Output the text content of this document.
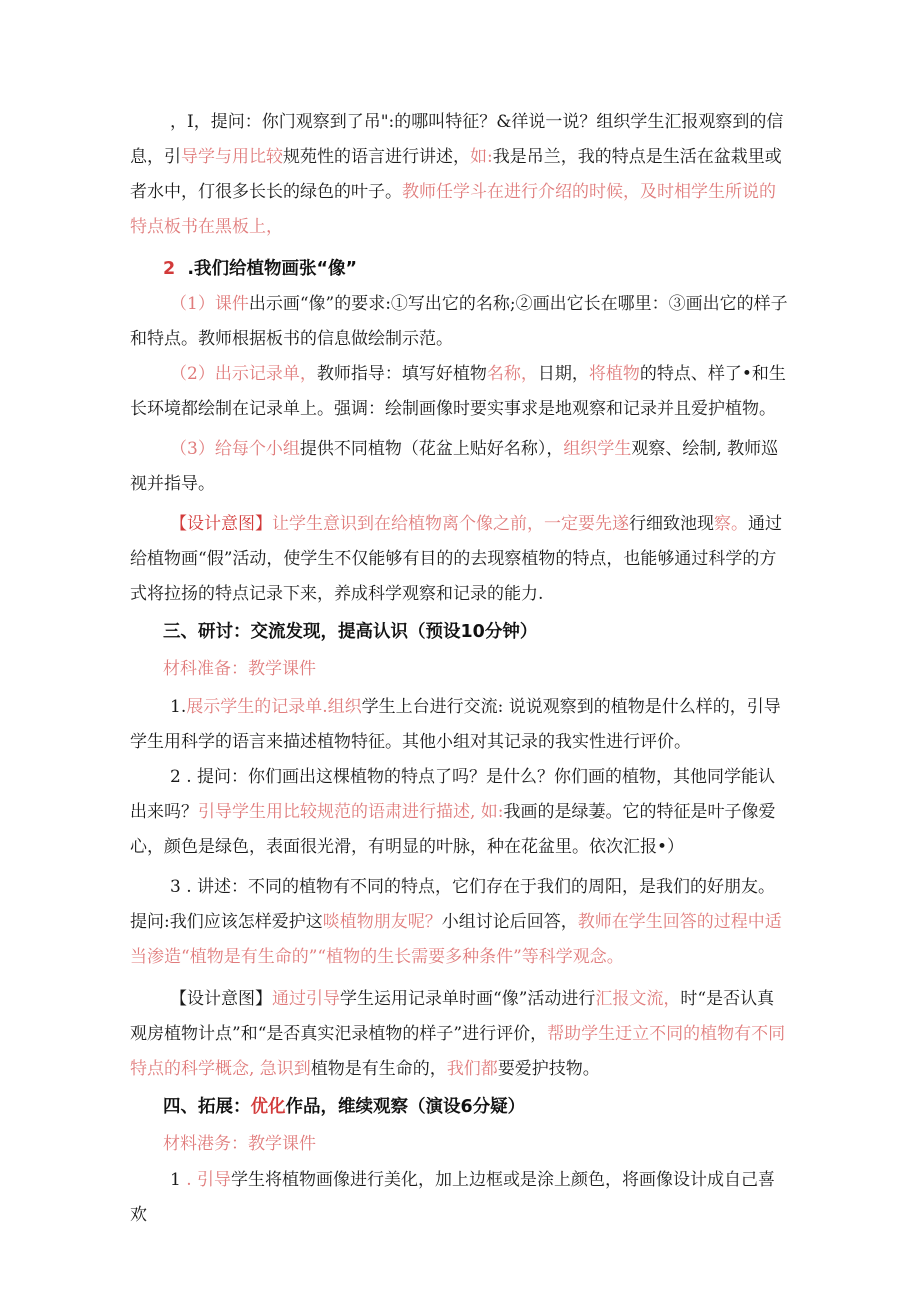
，I，提问：你门观察到了吊":的哪叫特征？&徉说一说？组织学生汇报观察到的信息，引导学与用比较规苑性的语言进行讲述，如:我是吊兰，我的特点是生活在盆栽里或者水中，仃很多长长的绿色的叶子。教师任学斗在进行介绍的时候，及时相学生所说的特点板书在黑板上，

2 .我们给植物画张“像”

（1）课件出示画“像”的要求:①写出它的名称;②画出它长在哪里：③画出它的样子和特点。教师根据板书的信息做绘制示范。

（2）出示记录单，教师指导：填写好植物名称，日期，将植物的特点、样了•和生长环境都绘制在记录单上。强调：绘制画像时要实事求是地观察和记录并且爱护植物。

（3）给每个小组提供不同植物（花盆上贴好名称），组织学生观察、绘制, 教师巡视并指导。

【设计意图】让学生意识到在给植物离个像之前，一定要先遂行细致池现察。通过给植物画“假”活动，使学生不仅能够有目的的去现察植物的特点，也能够通过科学的方式将拉扬的特点记录下来，养成科学观察和记录的能力.

三、研讨：交流发现，提高认识（预设10分钟）

材科准备：教学课件

1.展示学生的记录单.组织学生上台进行交流: 说说观察到的植物是什么样的，引导学生用科学的语言来描述植物特征。其他小组对其记录的我实性进行评价。

2 . 提问：你们画出这棵植物的特点了吗？是什么？你们画的植物，其他同学能认出来吗？引导学生用比较规范的语肃进行描述, 如:我画的是绿萋。它的特征是叶子像爱心，颜色是绿色，表面很光滑，有明显的叶脉，种在花盆里。依次汇报•）

3 . 讲述：不同的植物有不同的特点，它们存在于我们的周阳，是我们的好朋友。提问:我们应该怎样爱护这啖植物朋友呢？小组讨论后回答，教师在学生回答的过程中适当渗造“植物是有生命的”“植物的生长需要多种条件”等科学观念。

【设计意图】通过引导学生运用记录单时画“像”活动进行汇报文流，时“是否认真观房植物计点”和“是否真实汜录植物的样子”进行评价，帮助学生迂立不同的植物有不同特点的科学概念, 急识到植物是有生命的，我们都要爱护技物。

四、拓展：优化作品，维续观察（演设6分疑）

材料港务：教学课件

1 . 引导学生将植物画像进行美化，加上边框或是涂上颜色，将画像设计成自己喜欢
